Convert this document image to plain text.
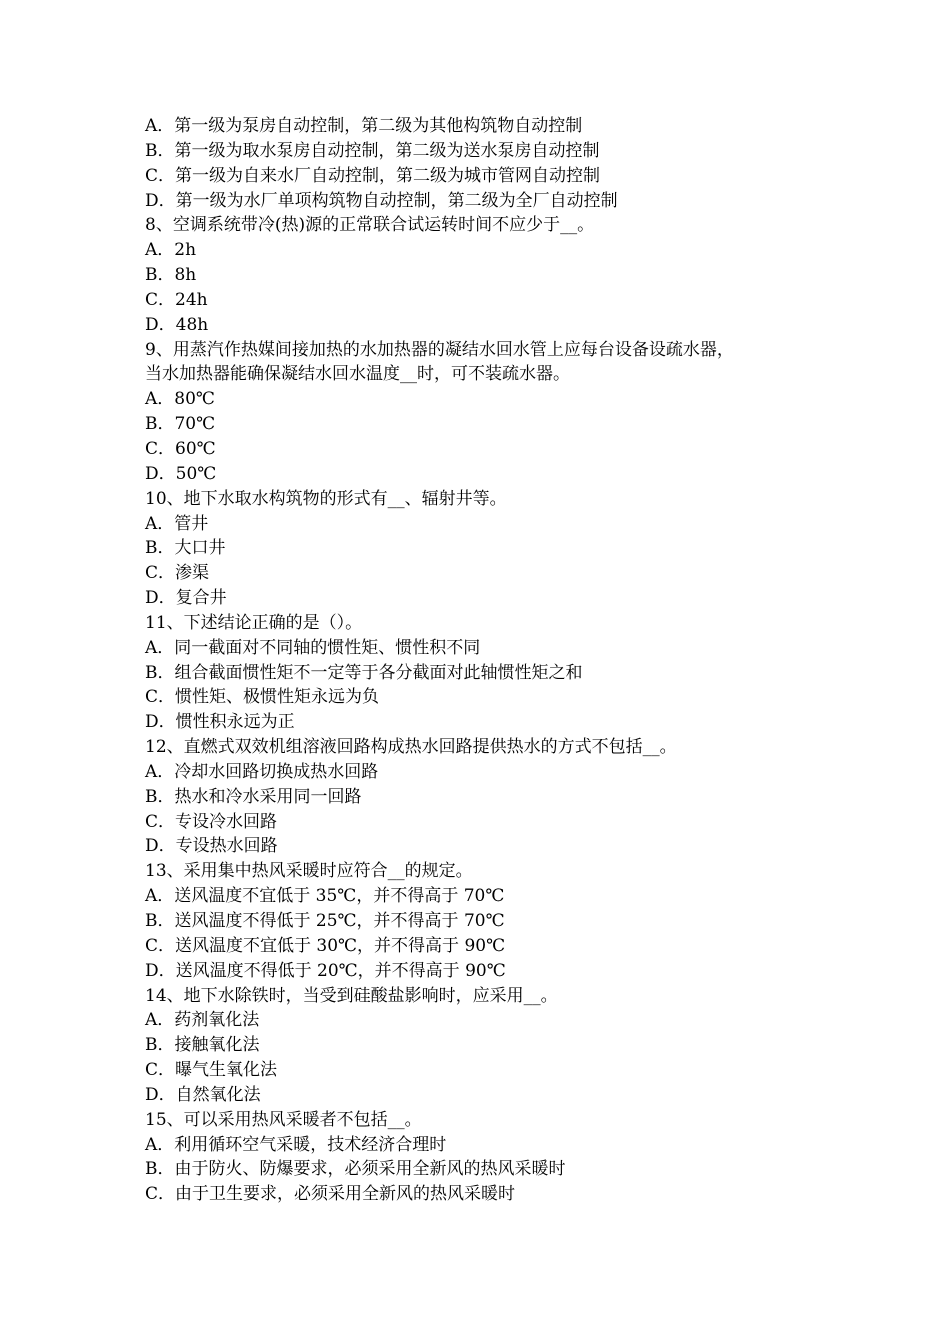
A．第一级为泵房自动控制，第二级为其他构筑物自动控制
B．第一级为取水泵房自动控制，第二级为送水泵房自动控制
C．第一级为自来水厂自动控制，第二级为城市管网自动控制
D．第一级为水厂单项构筑物自动控制，第二级为全厂自动控制
8、空调系统带冷(热)源的正常联合试运转时间不应少于__。
A．2h
B．8h
C．24h
D．48h
9、用蒸汽作热媒间接加热的水加热器的凝结水回水管上应每台设备设疏水器，
当水加热器能确保凝结水回水温度__时，可不装疏水器。
A．80℃
B．70℃
C．60℃
D．50℃
10、地下水取水构筑物的形式有__、辐射井等。
A．管井
B．大口井
C．渗渠
D．复合井
11、下述结论正确的是（）。
A．同一截面对不同轴的惯性矩、惯性积不同
B．组合截面惯性矩不一定等于各分截面对此轴惯性矩之和
C．惯性矩、极惯性矩永远为负
D．惯性积永远为正
12、直燃式双效机组溶液回路构成热水回路提供热水的方式不包括__。
A．冷却水回路切换成热水回路
B．热水和冷水采用同一回路
C．专设冷水回路
D．专设热水回路
13、采用集中热风采暖时应符合__的规定。
A．送风温度不宜低于 35℃，并不得高于 70℃
B．送风温度不得低于 25℃，并不得高于 70℃
C．送风温度不宜低于 30℃，并不得高于 90℃
D．送风温度不得低于 20℃，并不得高于 90℃
14、地下水除铁时，当受到硅酸盐影响时，应采用__。
A．药剂氧化法
B．接触氧化法
C．曝气生氧化法
D．自然氧化法
15、可以采用热风采暖者不包括__。
A．利用循环空气采暖，技术经济合理时
B．由于防火、防爆要求，必须采用全新风的热风采暖时
C．由于卫生要求，必须采用全新风的热风采暖时
